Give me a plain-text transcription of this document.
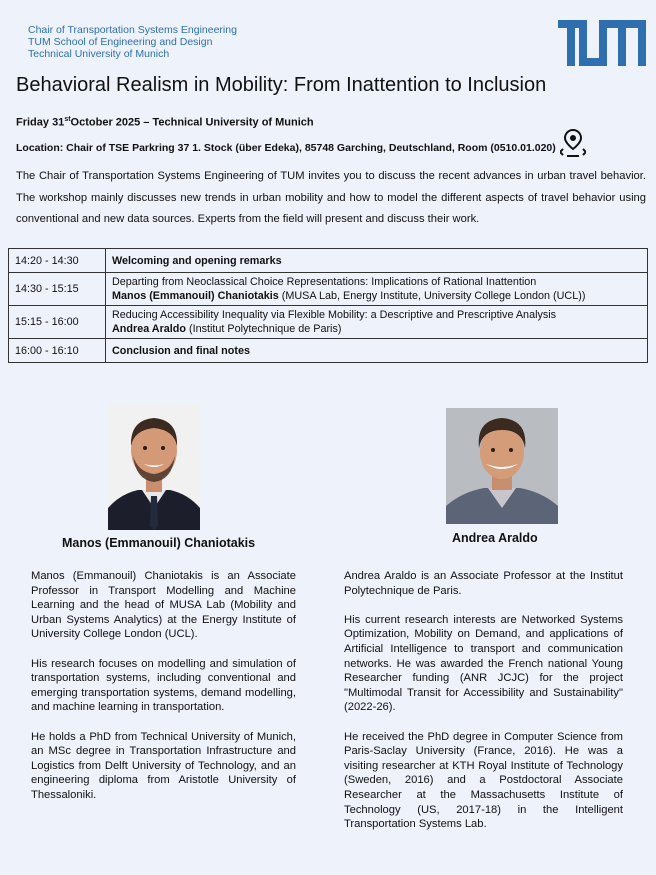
Chair of Transportation Systems Engineering
TUM School of Engineering and Design
Technical University of Munich
Behavioral Realism in Mobility: From Inattention to Inclusion
Friday 31stOctober 2025 – Technical University of Munich
Location: Chair of TSE Parkring 37 1. Stock (über Edeka), 85748 Garching, Deutschland, Room (0510.01.020)
The Chair of Transportation Systems Engineering of TUM invites you to discuss the recent advances in urban travel behavior. The workshop mainly discusses new trends in urban mobility and how to model the different aspects of travel behavior using conventional and new data sources. Experts from the field will present and discuss their work.
14:20 - 14:30	Welcoming and opening remarks
14:30 - 15:15	Departing from Neoclassical Choice Representations: Implications of Rational Inattention
Manos (Emmanouil) Chaniotakis (MUSA Lab, Energy Institute, University College London (UCL))

15:15 - 16:00	Reducing Accessibility Inequality via Flexible Mobility: a Descriptive and Prescriptive Analysis
Andrea Araldo (Institut Polytechnique de Paris)

16:00 - 16:10	Conclusion and final notes
Manos (Emmanouil) Chaniotakis	Andrea Araldo

Manos (Emmanouil) Chaniotakis is an Associate Professor in Transport Modelling and Machine Learning and the head of MUSA Lab (Mobility and Urban Systems Analytics) at the Energy Institute of University College London (UCL).

His research focuses on modelling and simulation of transportation systems, including conventional and emerging transportation systems, demand modelling, and machine learning in transportation.

He holds a PhD from Technical University of Munich, an MSc degree in Transportation Infrastructure and Logistics from Delft University of Technology, and an engineering diploma from Aristotle University of Thessaloniki.

Andrea Araldo is an Associate Professor at the Institut Polytechnique de Paris.

His current research interests are Networked Systems Optimization, Mobility on Demand, and applications of Artificial Intelligence to transport and communication networks. He was awarded the French national Young Researcher funding (ANR JCJC) for the project "Multimodal Transit for Accessibility and Sustainability" (2022-26).

He received the PhD degree in Computer Science from Paris-Saclay University (France, 2016). He was a visiting researcher at KTH Royal Institute of Technology (Sweden, 2016) and a Postdoctoral Associate Researcher at the Massachusetts Institute of Technology (US, 2017-18) in the Intelligent Transportation Systems Lab.
